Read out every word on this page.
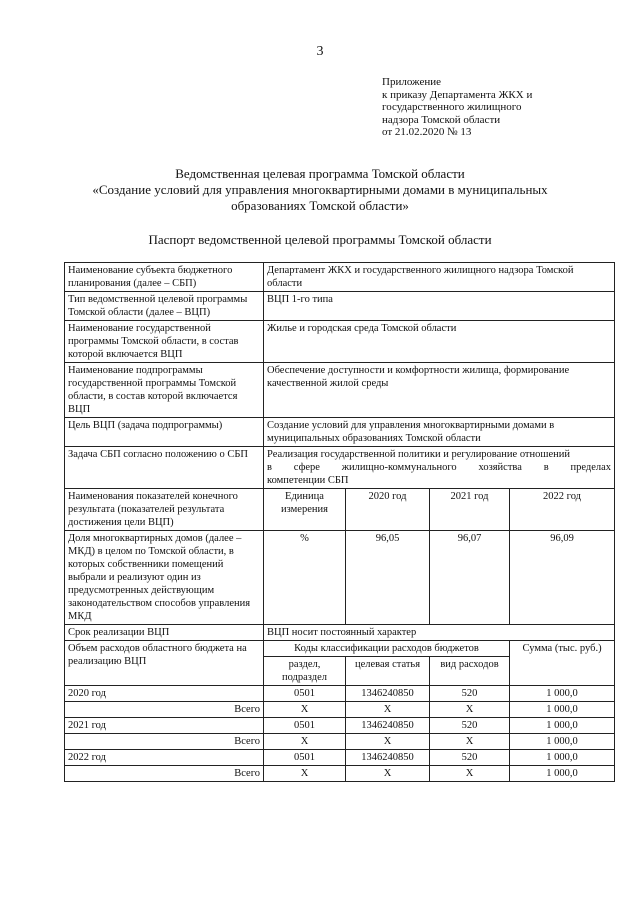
3
Приложение
к приказу Департамента ЖКХ и
государственного жилищного
надзора Томской области
от 21.02.2020 № 13
Ведомственная целевая программа Томской области
«Создание условий для управления многоквартирными домами в муниципальных
образованиях Томской области»
Паспорт ведомственной целевой программы Томской области
Наименование субъекта бюджетного планирования (далее – СБП)	Департамент ЖКХ и государственного жилищного надзора Томской области			
Тип ведомственной целевой программы Томской области (далее – ВЦП)	ВЦП 1-го типа			
Наименование государственной программы Томской области, в состав которой включается ВЦП	Жилье и городская среда Томской области			
Наименование подпрограммы государственной программы Томской области, в состав которой включается ВЦП	Обеспечение доступности и комфортности жилища, формирование качественной жилой среды			
Цель ВЦП (задача подпрограммы)	Создание условий для управления многоквартирными домами в муниципальных образованиях Томской области			
Задача СБП согласно положению о СБП	Реализация государственной политики и регулирование отношений
в сфере жилищно-коммунального хозяйства в пределах
компетенции СБП			

Наименования показателей конечного результата (показателей результата достижения цели ВЦП)	Единица измерения	2020 год	2021 год	2022 год
Доля многоквартирных домов (далее – МКД) в целом по Томской области, в которых собственники помещений выбрали и реализуют один из предусмотренных действующим законодательством способов управления МКД	%	96,05	96,07	96,09
Срок реализации ВЦП	ВЦП носит постоянный характер			
Объем расходов областного бюджета на реализацию ВЦП	Коды классификации расходов бюджетов			Сумма (тыс. руб.)
	раздел, подраздел	целевая статья	вид расходов	
2020 год	0501	1346240850	520	1 000,0
Всего	Х	Х	Х	1 000,0
2021 год	0501	1346240850	520	1 000,0
Всего	Х	Х	Х	1 000,0
2022 год	0501	1346240850	520	1 000,0
Всего	Х	Х	Х	1 000,0
